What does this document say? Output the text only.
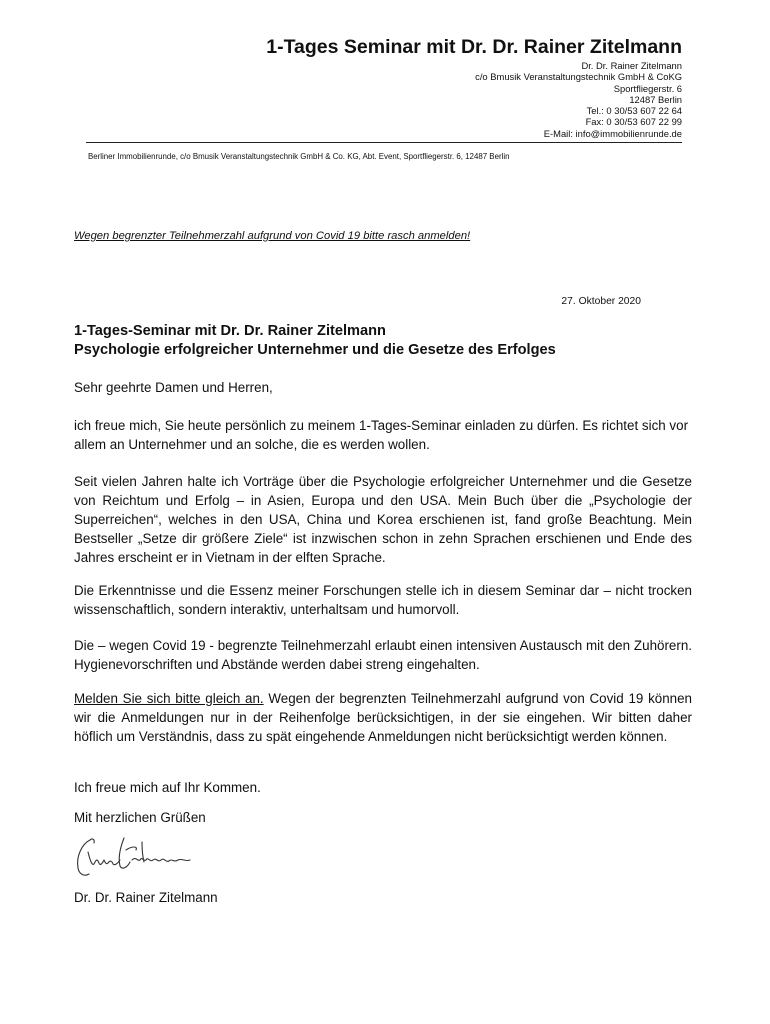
1-Tages Seminar mit Dr. Dr. Rainer Zitelmann
Dr. Dr. Rainer Zitelmann
c/o Bmusik Veranstaltungstechnik GmbH & CoKG
Sportfliegerstr. 6
12487 Berlin
Tel.: 0 30/53 607 22 64
Fax: 0 30/53 607 22 99
E-Mail: info@immobilienrunde.de
Berliner Immobilienrunde, c/o Bmusik Veranstaltungstechnik GmbH & Co. KG, Abt. Event, Sportfliegerstr. 6, 12487 Berlin
Wegen begrenzter Teilnehmerzahl aufgrund von Covid 19 bitte rasch anmelden!
27. Oktober 2020
1-Tages-Seminar mit Dr. Dr. Rainer Zitelmann
Psychologie erfolgreicher Unternehmer und die Gesetze des Erfolges
Sehr geehrte Damen und Herren,
ich freue mich, Sie heute persönlich zu meinem 1-Tages-Seminar einladen zu dürfen. Es richtet sich vor allem an Unternehmer und an solche, die es werden wollen.
Seit vielen Jahren halte ich Vorträge über die Psychologie erfolgreicher Unternehmer und die Gesetze von Reichtum und Erfolg – in Asien, Europa und den USA. Mein Buch über die „Psychologie der Superreichen“, welches in den USA, China und Korea erschienen ist, fand große Beachtung. Mein Bestseller „Setze dir größere Ziele“ ist inzwischen schon in zehn Sprachen erschienen und Ende des Jahres erscheint er in Vietnam in der elften Sprache.
Die Erkenntnisse und die Essenz meiner Forschungen stelle ich in diesem Seminar dar – nicht trocken wissenschaftlich, sondern interaktiv, unterhaltsam und humorvoll.
Die – wegen Covid 19 - begrenzte Teilnehmerzahl erlaubt einen intensiven Austausch mit den Zuhörern. Hygienevorschriften und Abstände werden dabei streng eingehalten.
Melden Sie sich bitte gleich an. Wegen der begrenzten Teilnehmerzahl aufgrund von Covid 19 können wir die Anmeldungen nur in der Reihenfolge berücksichtigen, in der sie eingehen. Wir bitten daher höflich um Verständnis, dass zu spät eingehende Anmeldungen nicht berücksichtigt werden können.
Ich freue mich auf Ihr Kommen.
Mit herzlichen Grüßen
Dr. Dr. Rainer Zitelmann
